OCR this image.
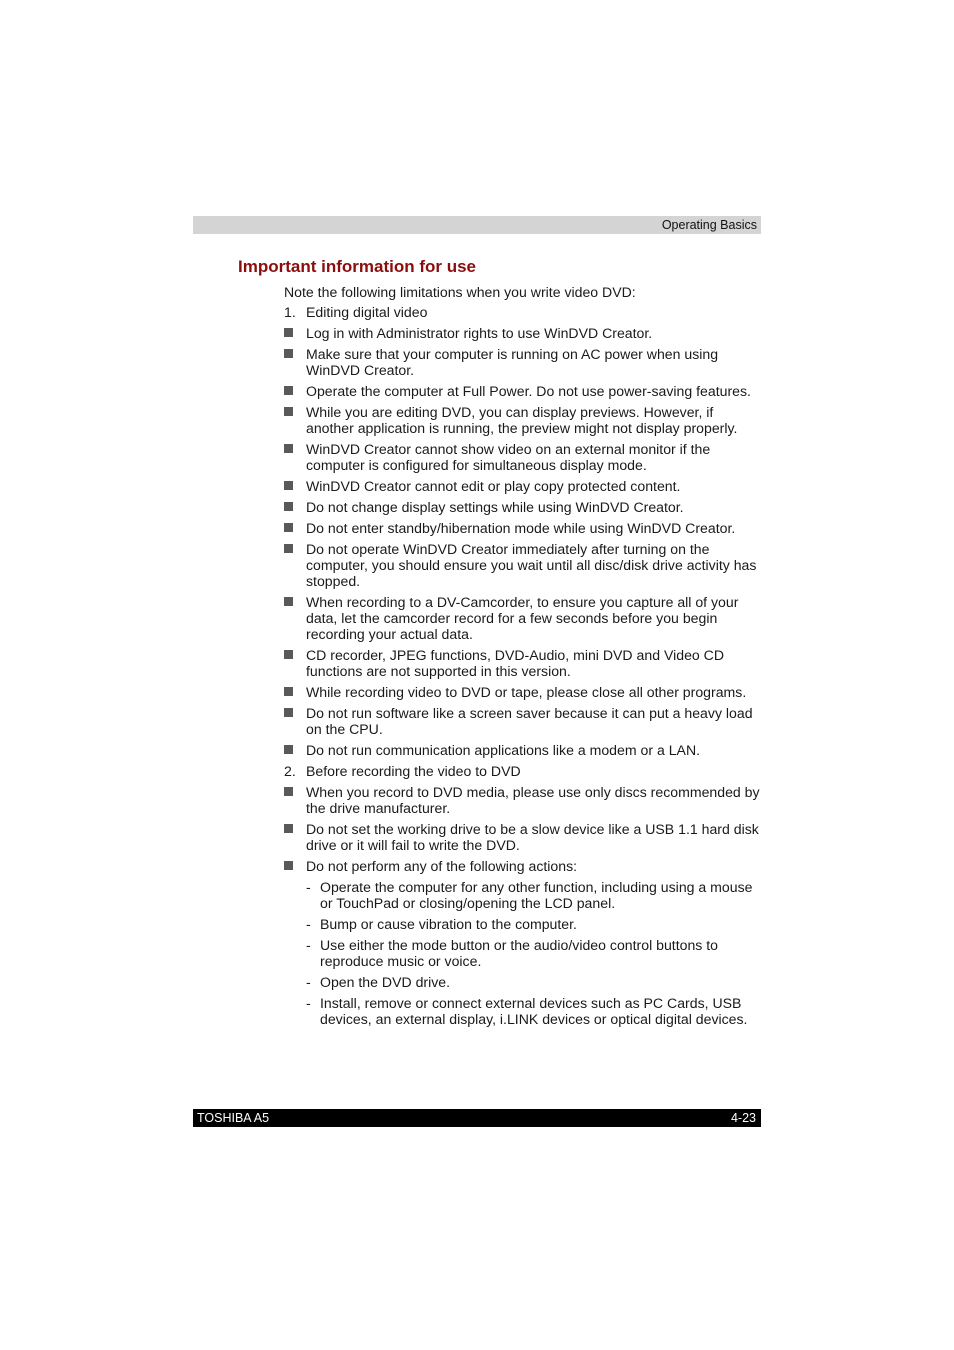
Operating Basics
Important information for use

Note the following limitations when you write video DVD:

1. Editing digital video
Log in with Administrator rights to use WinDVD Creator.
Make sure that your computer is running on AC power when using WinDVD Creator.
Operate the computer at Full Power. Do not use power-saving features.
While you are editing DVD, you can display previews. However, if another application is running, the preview might not display properly.
WinDVD Creator cannot show video on an external monitor if the computer is configured for simultaneous display mode.
WinDVD Creator cannot edit or play copy protected content.
Do not change display settings while using WinDVD Creator.
Do not enter standby/hibernation mode while using WinDVD Creator.
Do not operate WinDVD Creator immediately after turning on the computer, you should ensure you wait until all disc/disk drive activity has stopped.
When recording to a DV-Camcorder, to ensure you capture all of your data, let the camcorder record for a few seconds before you begin recording your actual data.
CD recorder, JPEG functions, DVD-Audio, mini DVD and Video CD functions are not supported in this version.
While recording video to DVD or tape, please close all other programs.
Do not run software like a screen saver because it can put a heavy load on the CPU.
Do not run communication applications like a modem or a LAN.
2. Before recording the video to DVD
When you record to DVD media, please use only discs recommended by the drive manufacturer.
Do not set the working drive to be a slow device like a USB 1.1 hard disk drive or it will fail to write the DVD.
Do not perform any of the following actions:
- Operate the computer for any other function, including using a mouse or TouchPad or closing/opening the LCD panel.
- Bump or cause vibration to the computer.
- Use either the mode button or the audio/video control buttons to reproduce music or voice.
- Open the DVD drive.
- Install, remove or connect external devices such as PC Cards, USB devices, an external display, i.LINK devices or optical digital devices.
TOSHIBA A5	4-23
